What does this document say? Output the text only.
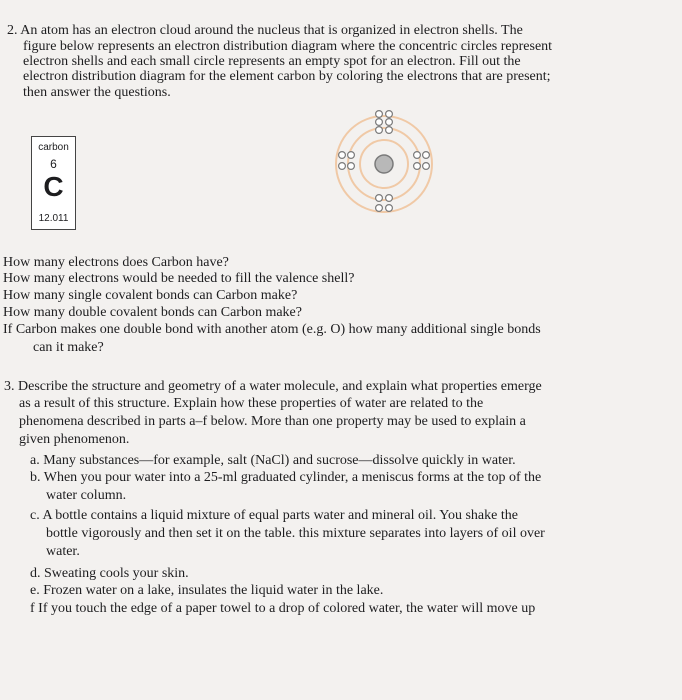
2. An atom has an electron cloud around the nucleus that is organized in electron shells. The
figure below represents an electron distribution diagram where the concentric circles represent
electron shells and each small circle represents an empty spot for an electron. Fill out the
electron distribution diagram for the element carbon by coloring the electrons that are present;
then answer the questions.
carbon
6
C
12.011
How many electrons does Carbon have?
How many electrons would be needed to fill the valence shell?
How many single covalent bonds can Carbon make?
How many double covalent bonds can Carbon make?
If Carbon makes one double bond with another atom (e.g. O) how many additional single bonds
can it make?
3. Describe the structure and geometry of a water molecule, and explain what properties emerge
as a result of this structure. Explain how these properties of water are related to the
phenomena described in parts a–f below. More than one property may be used to explain a
given phenomenon.
a. Many substances—for example, salt (NaCl) and sucrose—dissolve quickly in water.
b. When you pour water into a 25-ml graduated cylinder, a meniscus forms at the top of the
water column.
c. A bottle contains a liquid mixture of equal parts water and mineral oil. You shake the
bottle vigorously and then set it on the table. this mixture separates into layers of oil over
water.
d. Sweating cools your skin.
e. Frozen water on a lake, insulates the liquid water in the lake.
f If you touch the edge of a paper towel to a drop of colored water, the water will move up
